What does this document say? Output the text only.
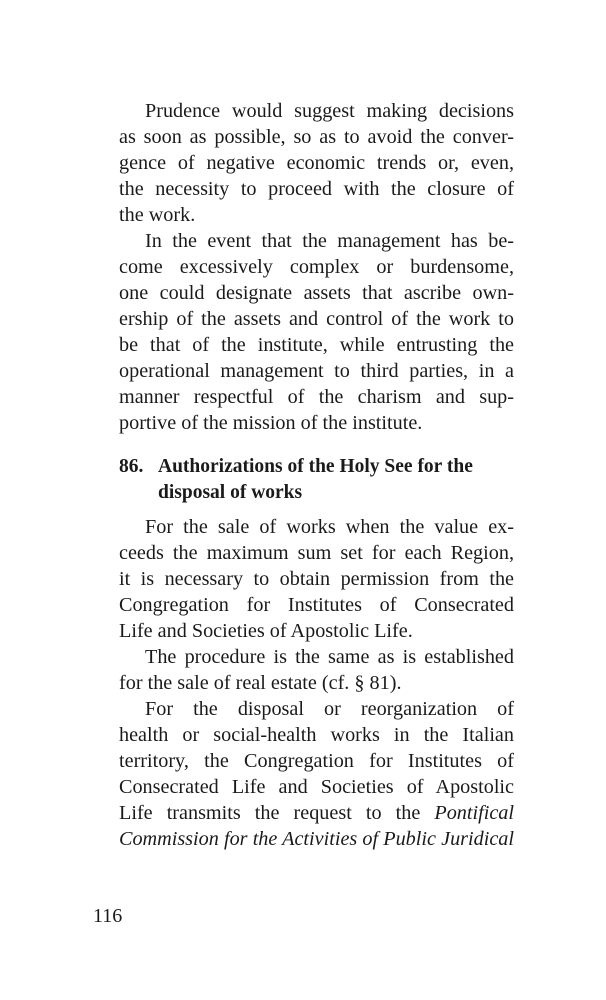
Prudence would suggest making decisions
as soon as possible, so as to avoid the conver-
gence of negative economic trends or, even,
the necessity to proceed with the closure of
the work.
In the event that the management has be-
come excessively complex or burdensome,
one could designate assets that ascribe own-
ership of the assets and control of the work to
be that of the institute, while entrusting the
operational management to third parties, in a
manner respectful of the charism and sup-
portive of the mission of the institute.
86. Authorizations of the Holy See for the
disposal of works
For the sale of works when the value ex-
ceeds the maximum sum set for each Region,
it is necessary to obtain permission from the
Congregation for Institutes of Consecrated
Life and Societies of Apostolic Life.
The procedure is the same as is established
for the sale of real estate (cf. § 81).
For the disposal or reorganization of
health or social-health works in the Italian
territory, the Congregation for Institutes of
Consecrated Life and Societies of Apostolic
Life transmits the request to the Pontifical
Commission for the Activities of Public Juridical
116
